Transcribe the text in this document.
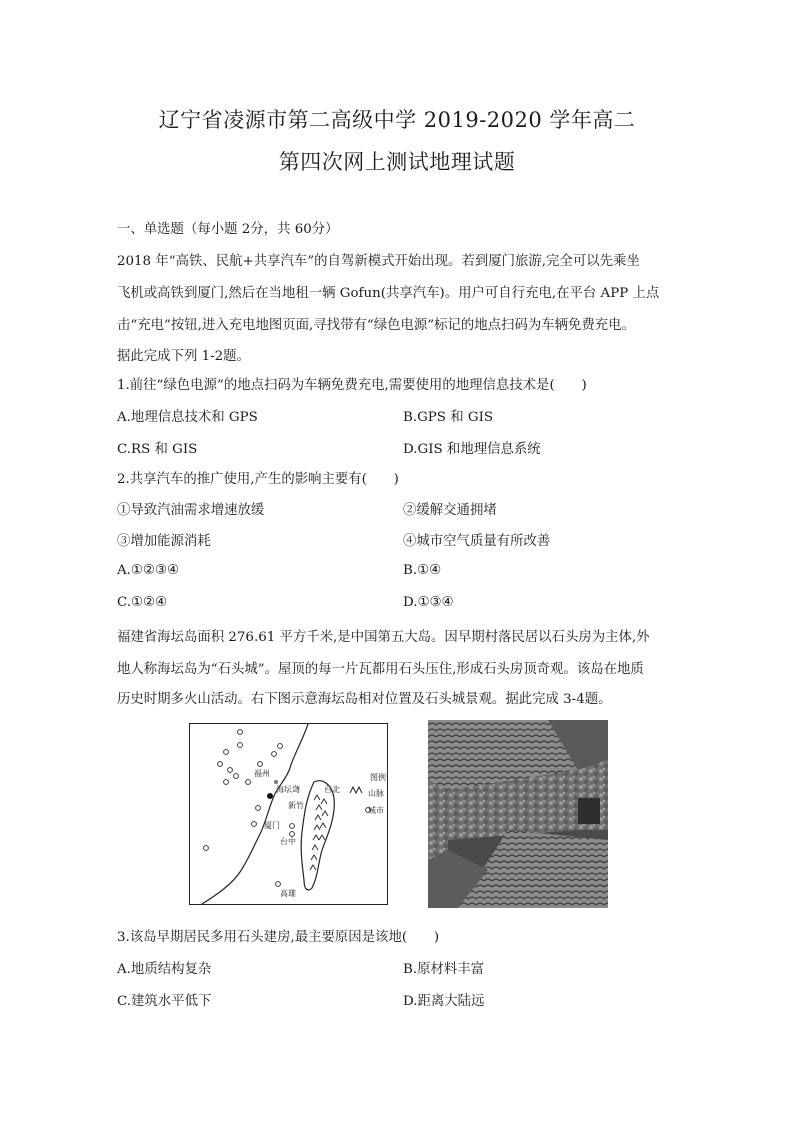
辽宁省凌源市第二高级中学 2019-2020 学年高二
第四次网上测试地理试题
一、单选题（每小题 2分，共 60分）
2018 年“高铁、民航+共享汽车”的自驾新模式开始出现。若到厦门旅游,完全可以先乘坐
飞机或高铁到厦门,然后在当地租一辆 Gofun(共享汽车)。用户可自行充电,在平台 APP 上点
击“充电”按钮,进入充电地图页面,寻找带有“绿色电源”标记的地点扫码为车辆免费充电。
据此完成下列 1-2题。
1.前往“绿色电源”的地点扫码为车辆免费充电,需要使用的地理信息技术是(　　)
A.地理信息技术和 GPS	B.GPS 和 GIS
C.RS 和 GIS	D.GIS 和地理信息系统
2.共享汽车的推广使用,产生的影响主要有(　　)
①导致汽油需求增速放缓	②缓解交通拥堵
③增加能源消耗	④城市空气质量有所改善
A.①②③④	B.①④
C.①②④	D.①③④
福建省海坛岛面积 276.61 平方千米,是中国第五大岛。因早期村落民居以石头房为主体,外
地人称海坛岛为“石头城”。屋顶的每一片瓦都用石头压住,形成石头房顶奇观。该岛在地质
历史时期多火山活动。右下图示意海坛岛相对位置及石头城景观。据此完成 3-4题。
福州
海坛岛	台北
新竹
厦门
台中
高雄
图例
山脉
城市
3.该岛早期居民多用石头建房,最主要原因是该地(　　)
A.地质结构复杂	B.原材料丰富
C.建筑水平低下	D.距离大陆远
